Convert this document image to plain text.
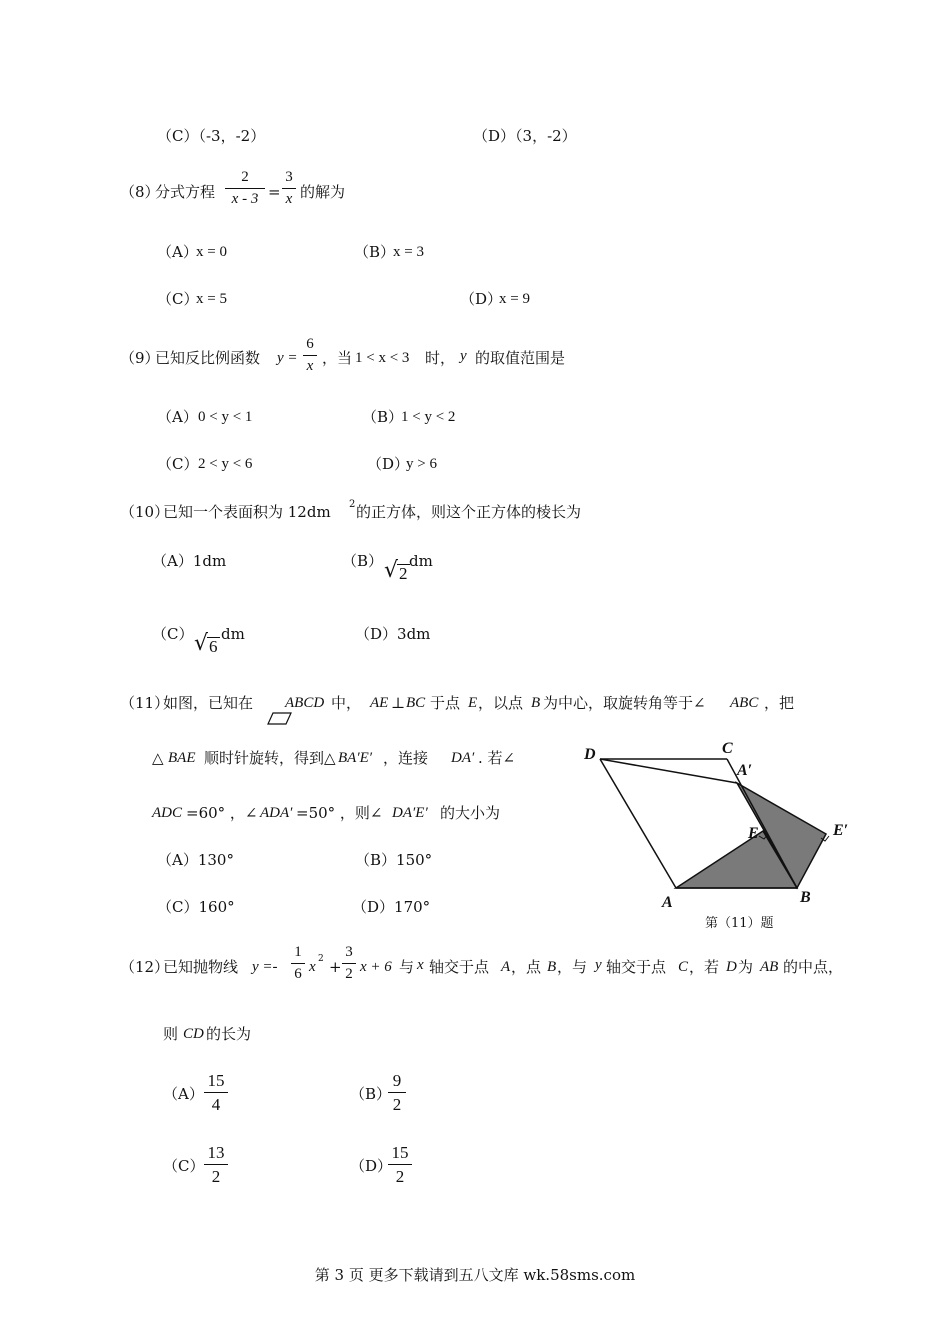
（C）（-3，-2）	（D）（3，-2）
（8）
分式方程
2
x - 3 =
3
x 的解为
（A）
x = 0	（B）
x = 3
（C）
x = 5	（D）
x = 9
（9）
已知反比例函数 y =
6
x ，当 1 < x < 3 时， y 的取值范围是
（A） 0 < y < 1	（B）
1 < y < 2
（C） 2 < y < 6	（D）
y > 6
（10）
已知一个表面积为 12dm 2 的正方体，则这个正方体的棱长为
（A）1dm	（B） √ 2
dm
（C） √ 6
dm	（D）3dm
（11）
如图，已知在 ABCD 中， AE ⊥ BC 于点 E ，以点 B 为中心，取旋转角等于∠ ABC ，把
△ BAE 顺时针旋转，得到△ BA′E′ ，连接 DA′ . 若∠
ADC =60° ，∠ ADA′ =50° ，则∠ DA′E′ 的大小为
（A）130°	（B）150°
（C）160°	（D）170°
D	C
A′
E	E′
A	B
第（11）题
（12）
已知抛物线 y =-
1
6 x 2 +
3
2 x + 6 与 x 轴交于点 A ，点 B ，与 y 轴交于点 C ，若 D 为 AB 的中点，
则 CD 的长为
（A）
15
4
（B）
9
2
（C）
13
2
（D）
15
2
第 3 页 更多下载请到五八文库 wk.58sms.com
